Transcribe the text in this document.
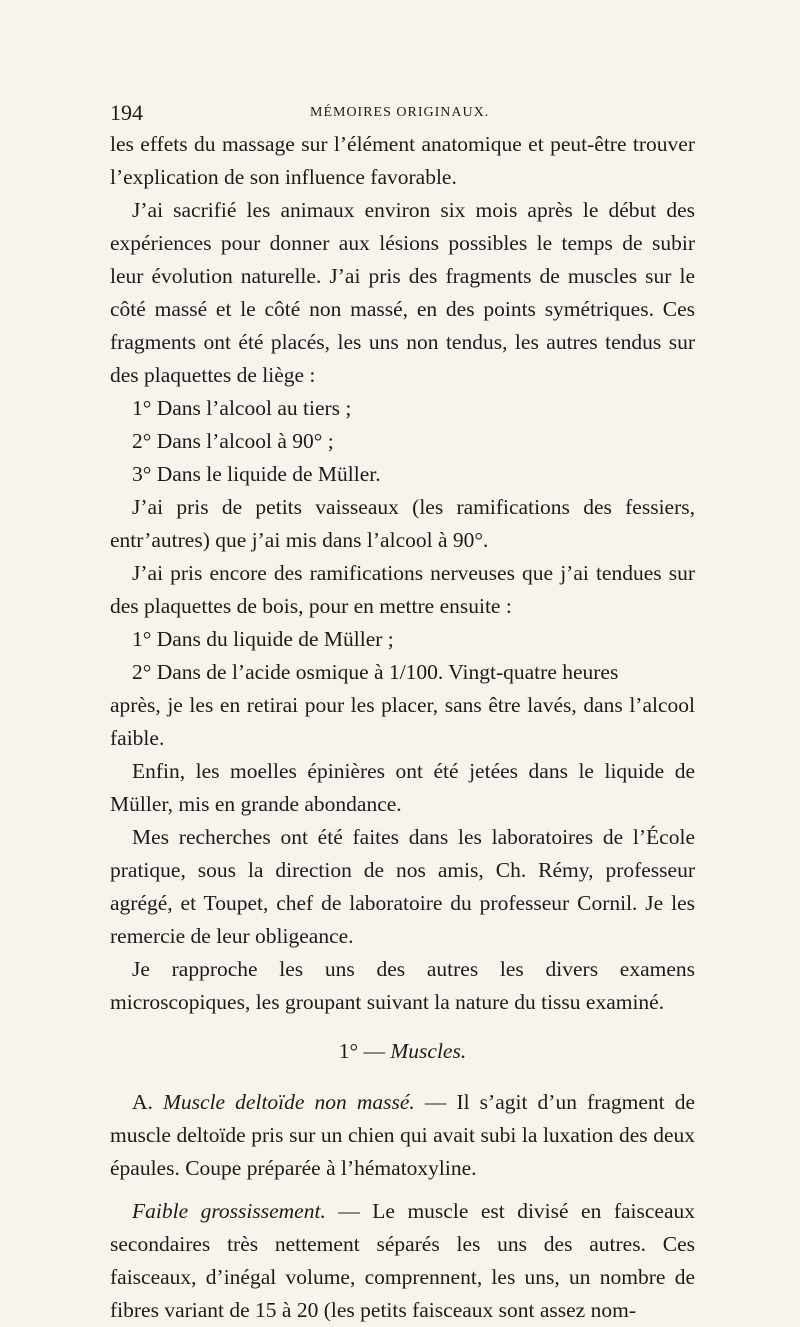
194	MÉMOIRES ORIGINAUX.

les effets du massage sur l’élément anatomique et peut-être trouver l’explication de son influence favorable.

J’ai sacrifié les animaux environ six mois après le début des expériences pour donner aux lésions possibles le temps de subir leur évolution naturelle. J’ai pris des fragments de muscles sur le côté massé et le côté non massé, en des points symétriques. Ces fragments ont été placés, les uns non tendus, les autres tendus sur des plaquettes de liège :

1° Dans l’alcool au tiers ;

2° Dans l’alcool à 90° ;

3° Dans le liquide de Müller.

J’ai pris de petits vaisseaux (les ramifications des fessiers, entr’autres) que j’ai mis dans l’alcool à 90°.

J’ai pris encore des ramifications nerveuses que j’ai tendues sur des plaquettes de bois, pour en mettre ensuite :

1° Dans du liquide de Müller ;

2° Dans de l’acide osmique à 1/100. Vingt-quatre heures

après, je les en retirai pour les placer, sans être lavés, dans l’alcool faible.

Enfin, les moelles épinières ont été jetées dans le liquide de Müller, mis en grande abondance.

Mes recherches ont été faites dans les laboratoires de l’École pratique, sous la direction de nos amis, Ch. Rémy, professeur agrégé, et Toupet, chef de laboratoire du professeur Cornil. Je les remercie de leur obligeance.

Je rapproche les uns des autres les divers examens microscopiques, les groupant suivant la nature du tissu examiné.

1° — Muscles.

A. Muscle deltoïde non massé. — Il s’agit d’un fragment de muscle deltoïde pris sur un chien qui avait subi la luxation des deux épaules. Coupe préparée à l’hématoxyline.

Faible grossissement. — Le muscle est divisé en faisceaux secondaires très nettement séparés les uns des autres. Ces faisceaux, d’inégal volume, comprennent, les uns, un nombre de fibres variant de 15 à 20 (les petits faisceaux sont assez nom-
